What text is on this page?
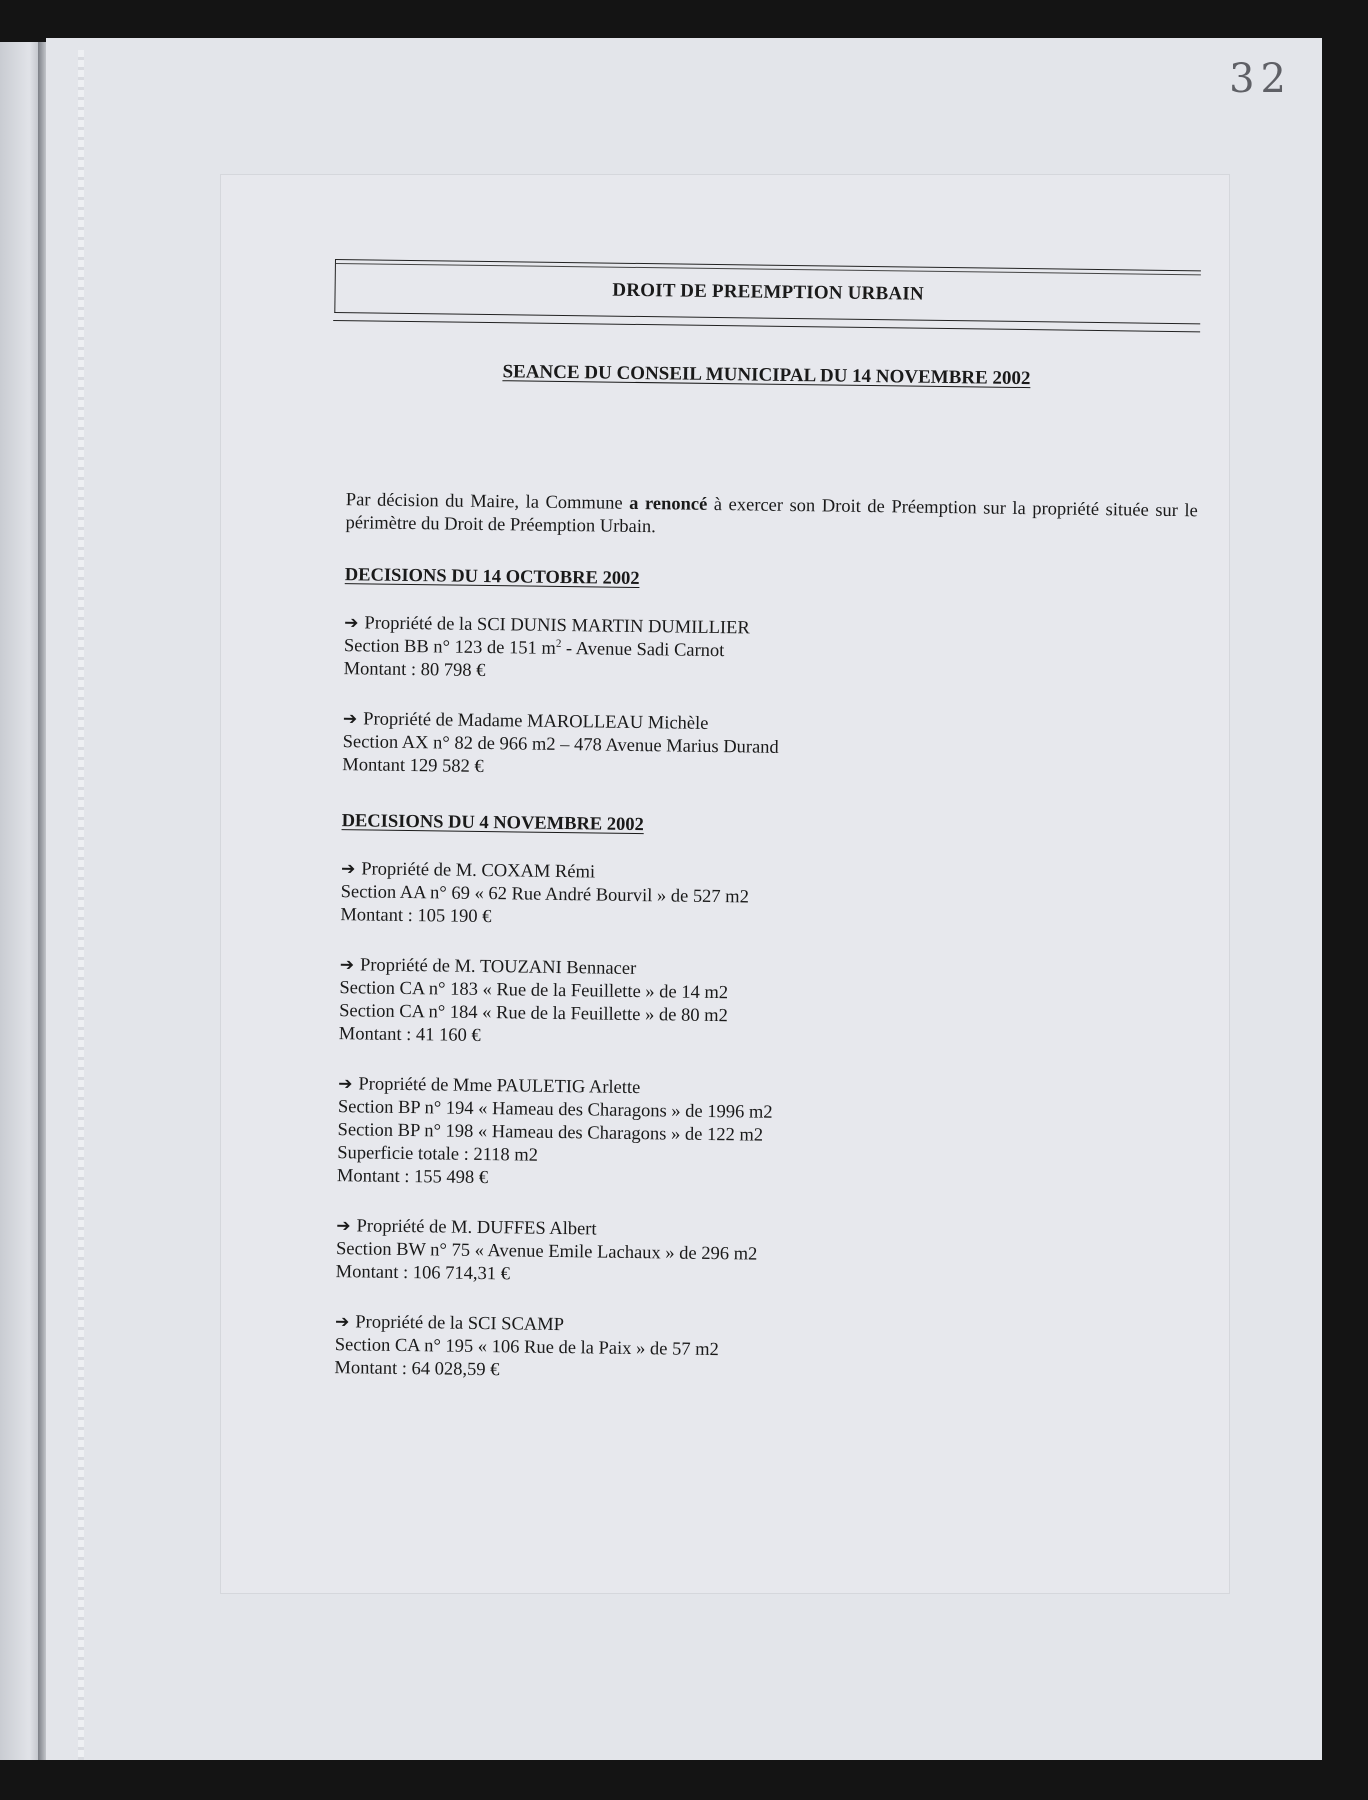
32
DROIT DE PREEMPTION URBAIN
SEANCE DU CONSEIL MUNICIPAL DU 14 NOVEMBRE 2002

Par décision du Maire, la Commune a renoncé à exercer son Droit de Préemption sur la propriété située sur le périmètre du Droit de Préemption Urbain.

DECISIONS DU 14 OCTOBRE 2002
➔ Propriété de la SCI DUNIS MARTIN DUMILLIER
Section BB n° 123 de 151 $m^2$ - Avenue Sadi Carnot
Montant : 80 798 €
➔ Propriété de Madame MAROLLEAU Michèle
Section AX n° 82 de 966 m2 – 478 Avenue Marius Durand
Montant 129 582 €
DECISIONS DU 4 NOVEMBRE 2002
➔ Propriété de M. COXAM Rémi
Section AA n° 69 « 62 Rue André Bourvil » de 527 m2
Montant : 105 190 €
➔ Propriété de M. TOUZANI Bennacer
Section CA n° 183 « Rue de la Feuillette » de 14 m2
Section CA n° 184 « Rue de la Feuillette » de 80 m2
Montant : 41 160 €
➔ Propriété de Mme PAULETIG Arlette
Section BP n° 194 « Hameau des Charagons » de 1996 m2
Section BP n° 198 « Hameau des Charagons » de 122 m2
Superficie totale : 2118 m2
Montant : 155 498 €
➔ Propriété de M. DUFFES Albert
Section BW n° 75 « Avenue Emile Lachaux » de 296 m2
Montant : 106 714,31 €
➔ Propriété de la SCI SCAMP
Section CA n° 195 « 106 Rue de la Paix » de 57 m2
Montant : 64 028,59 €
